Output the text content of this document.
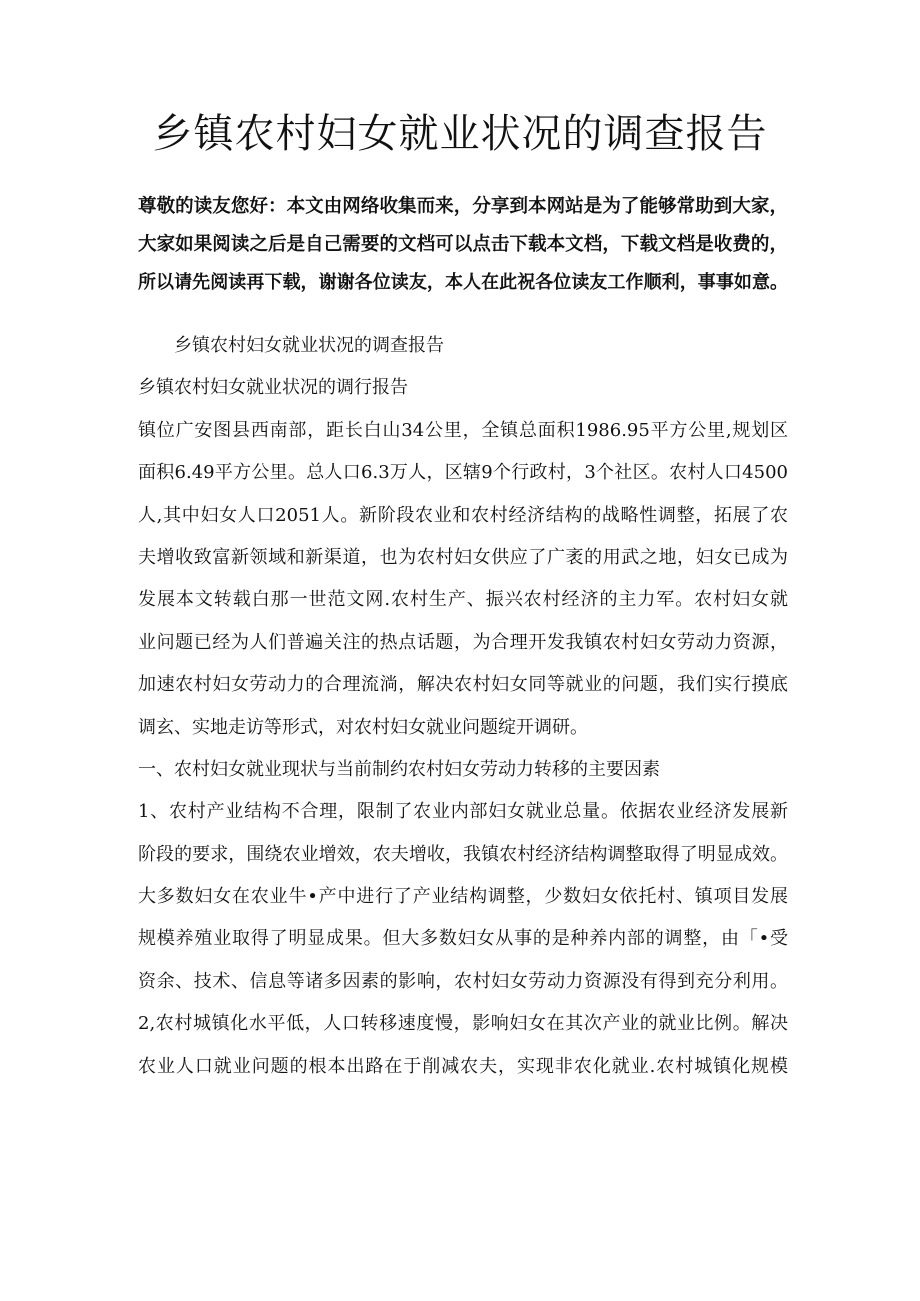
乡镇农村妇女就业状况的调查报告
尊敬的读友您好：本文由网络收集而来，分享到本网站是为了能够常助到大家，
大家如果阅读之后是自己需要的文档可以点击下载本文档，下载文档是收费的，
所以请先阅读再下载，谢谢各位读友，本人在此祝各位读友工作顺利，事事如意。
乡镇农村妇女就业状况的调查报告
乡镇农村妇女就业状况的调行报告
镇位广安图县西南部，距长白山34公里，全镇总面积1986.95平方公里,规划区
面积6.49平方公里。总人口6.3万人，区辖9个行政村，3个社区。农村人口4500
人,其中妇女人口2051人。新阶段农业和农村经济结构的战略性调整，拓展了农
夫增收致富新领域和新渠道，也为农村妇女供应了广袤的用武之地，妇女已成为
发展本文转载白那一世范文网.农村生产、振兴农村经济的主力军。农村妇女就
业问题已经为人们普遍关注的热点话题，为合理开发我镇农村妇女劳动力资源，
加速农村妇女劳动力的合理流淌，解决农村妇女同等就业的问题，我们实行摸底
调玄、实地走访等形式，对农村妇女就业问题绽开调研。
一、农村妇女就业现状与当前制约农村妇女劳动力转移的主要因素
1、农村产业结构不合理，限制了农业内部妇女就业总量。依据农业经济发展新
阶段的要求，围绕农业增效，农夫增收，我镇农村经济结构调整取得了明显成效。
大多数妇女在农业牛•产中进行了产业结构调整，少数妇女依托村、镇项目发展
规模养殖业取得了明显成果。但大多数妇女从事的是种养内部的调整，由「•受
资余、技术、信息等诸多因素的影响，农村妇女劳动力资源没有得到充分利用。
2,农村城镇化水平低，人口转移速度慢，影响妇女在其次产业的就业比例。解决
农业人口就业问题的根本出路在于削减农夫，实现非农化就业.农村城镇化规模
